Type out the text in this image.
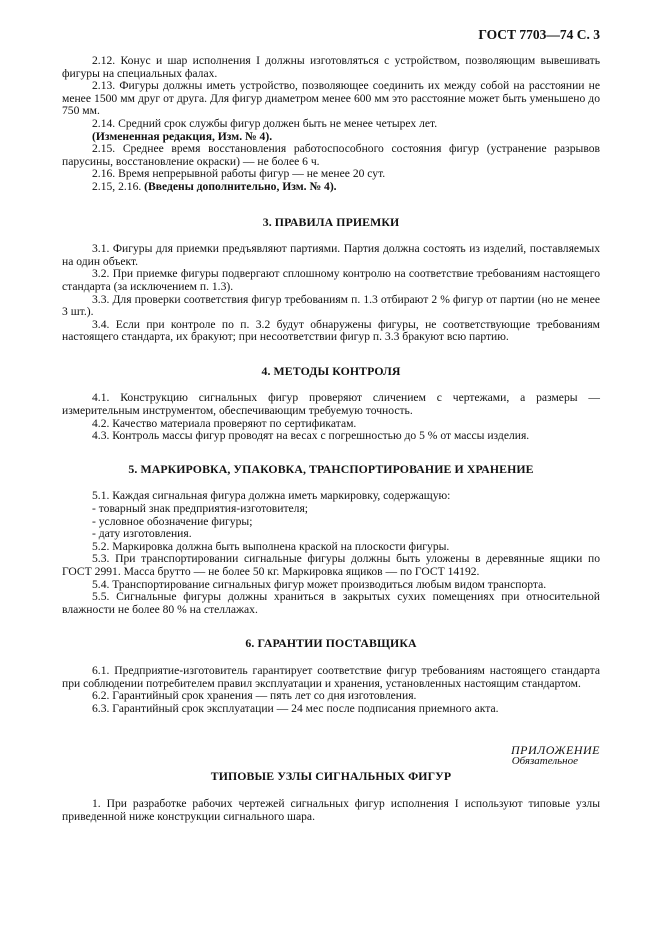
ГОСТ 7703—74 С. 3

2.12. Конус и шар исполнения I должны изготовляться с устройством, позволяющим вывешивать фигуры на специальных фалах.

2.13. Фигуры должны иметь устройство, позволяющее соединить их между собой на расстоянии не менее 1500 мм друг от друга. Для фигур диаметром менее 600 мм это расстояние может быть уменьшено до 750 мм.

2.14. Средний срок службы фигур должен быть не менее четырех лет.

(Измененная редакция, Изм. № 4).

2.15. Среднее время восстановления работоспособного состояния фигур (устранение разрывов парусины, восстановление окраски) — не более 6 ч.

2.16. Время непрерывной работы фигур — не менее 20 сут.

2.15, 2.16. (Введены дополнительно, Изм. № 4).

3. ПРАВИЛА ПРИЕМКИ

3.1. Фигуры для приемки предъявляют партиями. Партия должна состоять из изделий, поставляемых на один объект.

3.2. При приемке фигуры подвергают сплошному контролю на соответствие требованиям настоящего стандарта (за исключением п. 1.3).

3.3. Для проверки соответствия фигур требованиям п. 1.3 отбирают 2 % фигур от партии (но не менее 3 шт.).

3.4. Если при контроле по п. 3.2 будут обнаружены фигуры, не соответствующие требованиям настоящего стандарта, их бракуют; при несоответствии фигур п. 3.3 бракуют всю партию.

4. МЕТОДЫ КОНТРОЛЯ

4.1. Конструкцию сигнальных фигур проверяют сличением с чертежами, а размеры — измерительным инструментом, обеспечивающим требуемую точность.

4.2. Качество материала проверяют по сертификатам.

4.3. Контроль массы фигур проводят на весах с погрешностью до 5 % от массы изделия.

5. МАРКИРОВКА, УПАКОВКА, ТРАНСПОРТИРОВАНИЕ И ХРАНЕНИЕ

5.1. Каждая сигнальная фигура должна иметь маркировку, содержащую:

- товарный знак предприятия-изготовителя;

- условное обозначение фигуры;

- дату изготовления.

5.2. Маркировка должна быть выполнена краской на плоскости фигуры.

5.3. При транспортировании сигнальные фигуры должны быть уложены в деревянные ящики по ГОСТ 2991. Масса брутто — не более 50 кг. Маркировка ящиков — по ГОСТ 14192.

5.4. Транспортирование сигнальных фигур может производиться любым видом транспорта.

5.5. Сигнальные фигуры должны храниться в закрытых сухих помещениях при относительной влажности не более 80 % на стеллажах.

6. ГАРАНТИИ ПОСТАВЩИКА

6.1. Предприятие-изготовитель гарантирует соответствие фигур требованиям настоящего стандарта при соблюдении потребителем правил эксплуатации и хранения, установленных настоящим стандартом.

6.2. Гарантийный срок хранения — пять лет со дня изготовления.

6.3. Гарантийный срок эксплуатации — 24 мес после подписания приемного акта.

ПРИЛОЖЕНИЕ
Обязательное
ТИПОВЫЕ УЗЛЫ СИГНАЛЬНЫХ ФИГУР

1. При разработке рабочих чертежей сигнальных фигур исполнения I используют типовые узлы приведенной ниже конструкции сигнального шара.
